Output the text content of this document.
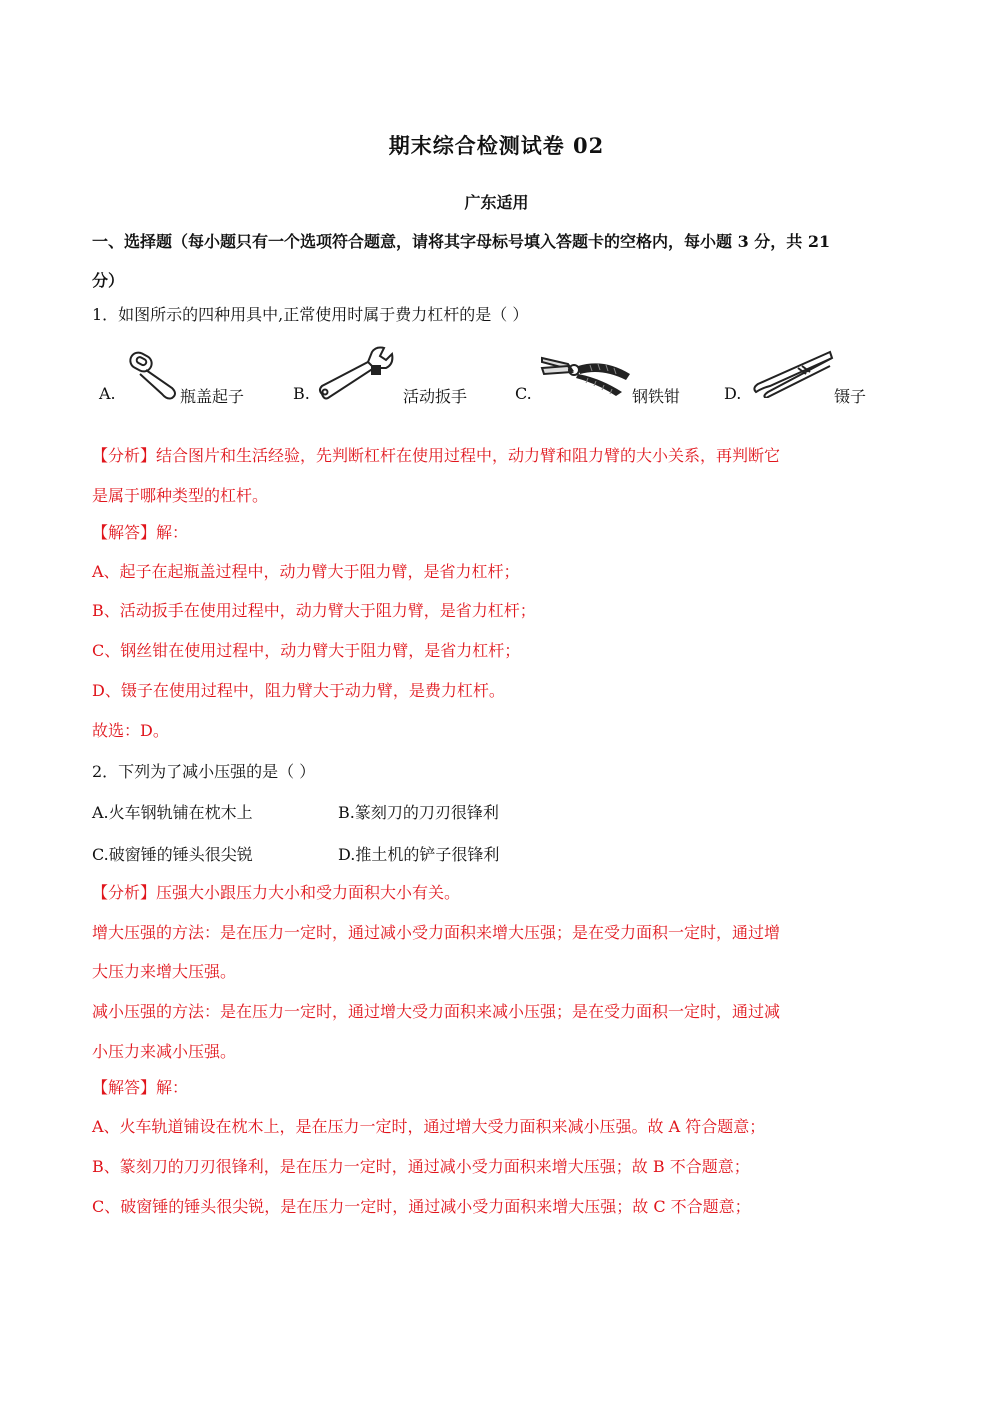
期末综合检测试卷 02
广东适用
一、选择题（每小题只有一个选项符合题意，请将其字母标号填入答题卡的空格内，每小题 3 分，共 21
分）
1．如图所示的四种用具中,正常使用时属于费力杠杆的是（ ）
A.	瓶盖起子	B.	活动扳手	C.	钢铁钳	D.	镊子
【分析】结合图片和生活经验，先判断杠杆在使用过程中，动力臂和阻力臂的大小关系，再判断它
是属于哪种类型的杠杆。
【解答】解：
A、起子在起瓶盖过程中，动力臂大于阻力臂，是省力杠杆；
B、活动扳手在使用过程中，动力臂大于阻力臂，是省力杠杆；
C、钢丝钳在使用过程中，动力臂大于阻力臂，是省力杠杆；
D、镊子在使用过程中，阻力臂大于动力臂，是费力杠杆。
故选：D。
2．下列为了减小压强的是（ ）
A.火车钢轨铺在枕木上	B.篆刻刀的刀刃很锋利
C.破窗锤的锤头很尖锐	D.推土机的铲子很锋利
【分析】压强大小跟压力大小和受力面积大小有关。
增大压强的方法：是在压力一定时，通过减小受力面积来增大压强；是在受力面积一定时，通过增
大压力来增大压强。
减小压强的方法：是在压力一定时，通过增大受力面积来减小压强；是在受力面积一定时，通过减
小压力来减小压强。
【解答】解：
A、火车轨道铺设在枕木上，是在压力一定时，通过增大受力面积来减小压强。故 A 符合题意；
B、篆刻刀的刀刃很锋利，是在压力一定时，通过减小受力面积来增大压强；故 B 不合题意；
C、破窗锤的锤头很尖锐，是在压力一定时，通过减小受力面积来增大压强；故 C 不合题意；
